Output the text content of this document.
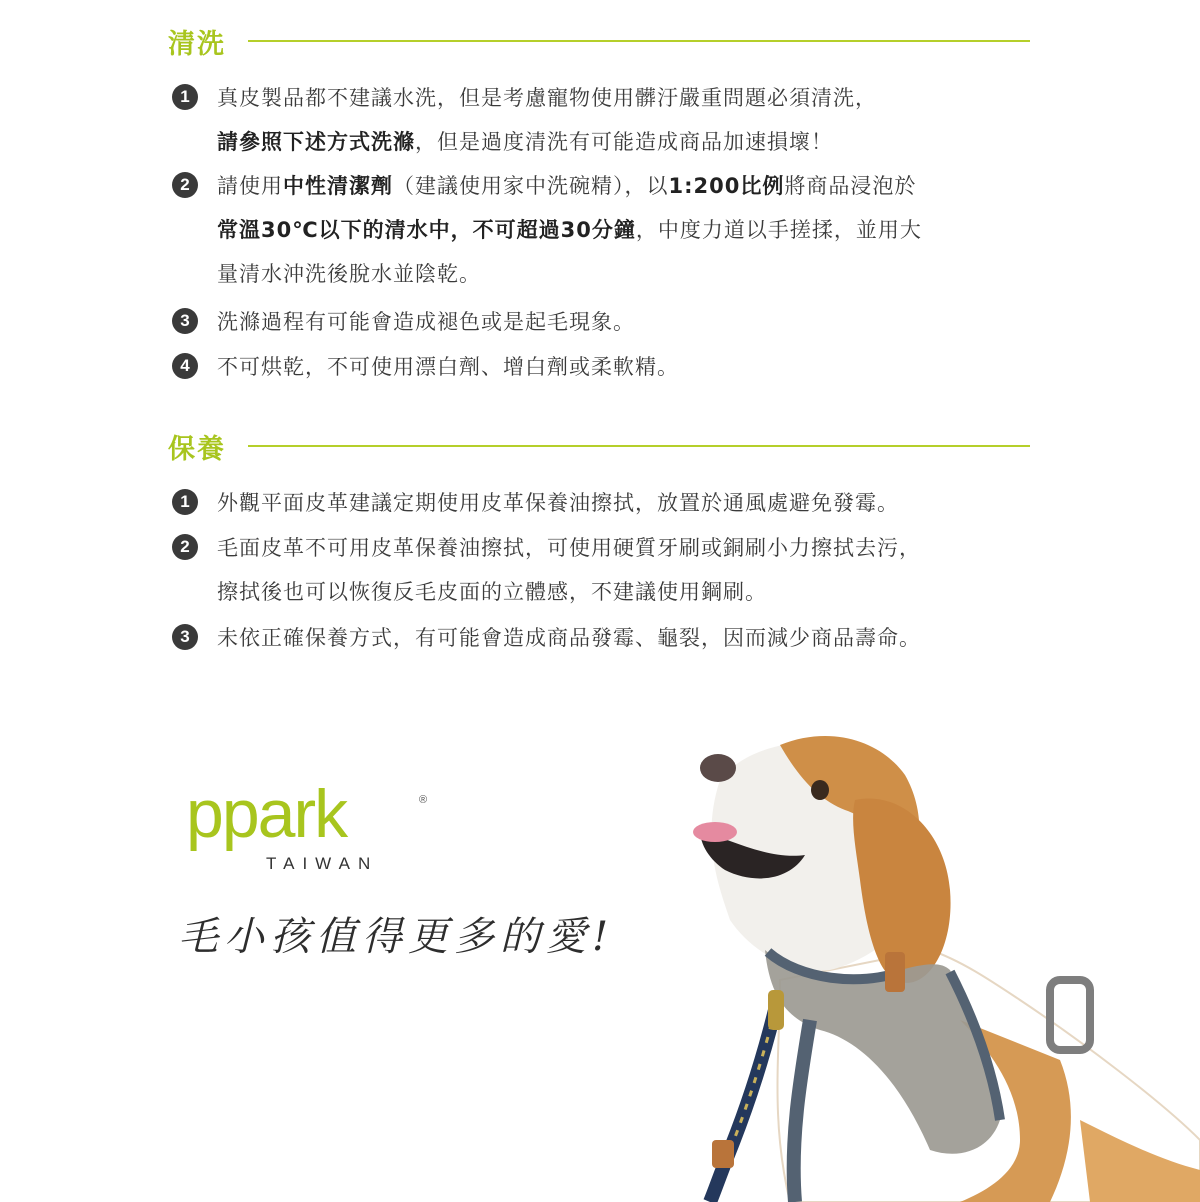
清洗
1	真皮製品都不建議水洗，但是考慮寵物使用髒汙嚴重問題必須清洗，
請參照下述方式洗滌，但是過度清洗有可能造成商品加速損壞！
2	請使用中性清潔劑（建議使用家中洗碗精），以1:200比例將商品浸泡於
常溫30℃以下的清水中，不可超過30分鐘，中度力道以手搓揉，並用大
量清水沖洗後脫水並陰乾。
3	洗滌過程有可能會造成褪色或是起毛現象。
4	不可烘乾，不可使用漂白劑、增白劑或柔軟精。
保養
1	外觀平面皮革建議定期使用皮革保養油擦拭，放置於通風處避免發霉。
2	毛面皮革不可用皮革保養油擦拭，可使用硬質牙刷或銅刷小力擦拭去污，
擦拭後也可以恢復反毛皮面的立體感，不建議使用鋼刷。
3	未依正確保養方式，有可能會造成商品發霉、龜裂，因而減少商品壽命。
ppark	®
TAIWAN
毛小孩值得更多的愛!
